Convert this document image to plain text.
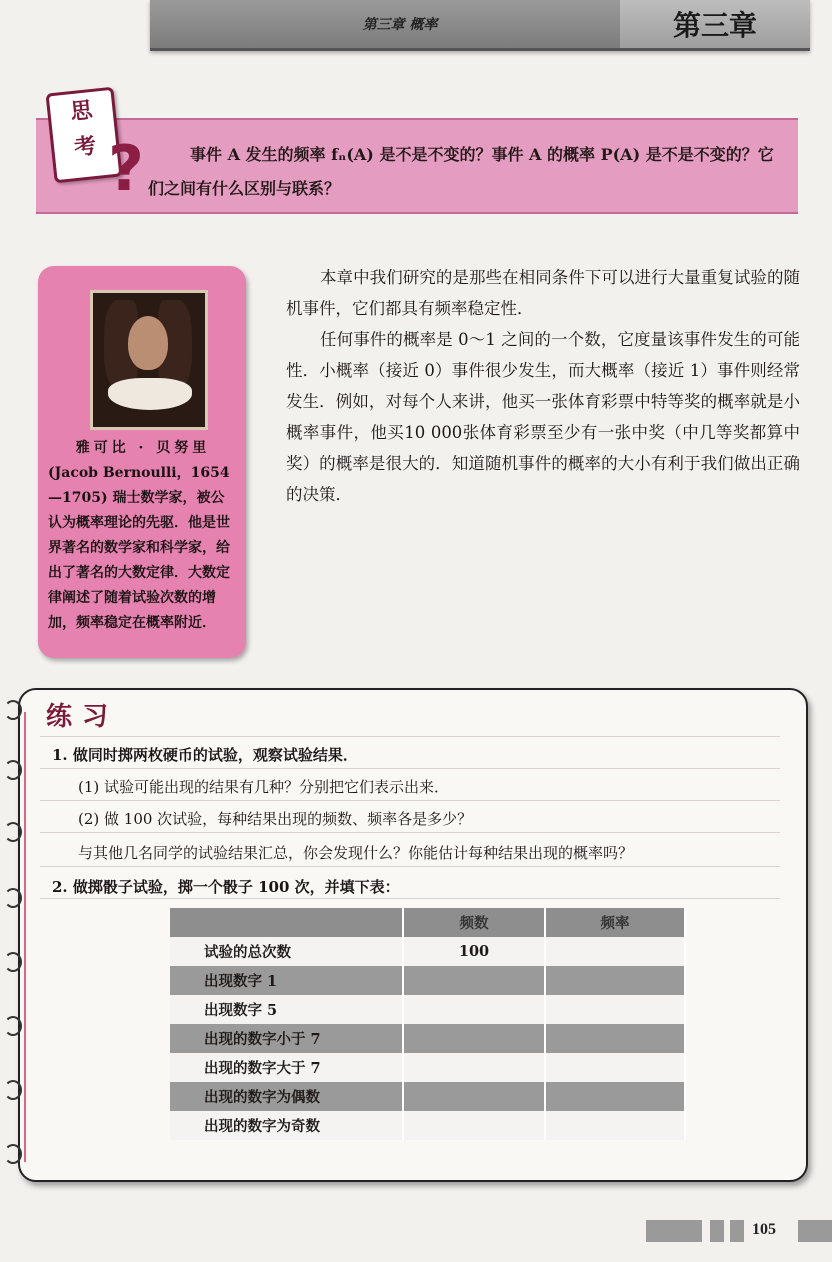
第三章 概率	第三章
思
考 ?	事件 A 发生的频率 fₙ(A) 是不是不变的？事件 A 的概率 P(A) 是不是不变的？它们之间有什么区别与联系？
雅可比 · 贝努里
(Jacob Bernoulli，1654—1705) 瑞士数学家，被公认为概率理论的先驱．他是世界著名的数学家和科学家，给出了著名的大数定律．大数定律阐述了随着试验次数的增加，频率稳定在概率附近．
本章中我们研究的是那些在相同条件下可以进行大量重复试验的随机事件，它们都具有频率稳定性．
任何事件的概率是 0～1 之间的一个数，它度量该事件发生的可能性．小概率（接近 0）事件很少发生，而大概率（接近 1）事件则经常发生．例如，对每个人来讲，他买一张体育彩票中特等奖的概率就是小概率事件，他买10 000张体育彩票至少有一张中奖（中几等奖都算中奖）的概率是很大的．知道随机事件的概率的大小有利于我们做出正确的决策．
练习
1. 做同时掷两枚硬币的试验，观察试验结果．
(1) 试验可能出现的结果有几种？分别把它们表示出来．
(2) 做 100 次试验，每种结果出现的频数、频率各是多少？
与其他几名同学的试验结果汇总，你会发现什么？你能估计每种结果出现的概率吗？
2. 做掷骰子试验，掷一个骰子 100 次，并填下表：
	频数	频率
试验的总次数	100	
出现数字 1		
出现数字 5		
出现的数字小于 7		
出现的数字大于 7		
出现的数字为偶数		
出现的数字为奇数		
105
